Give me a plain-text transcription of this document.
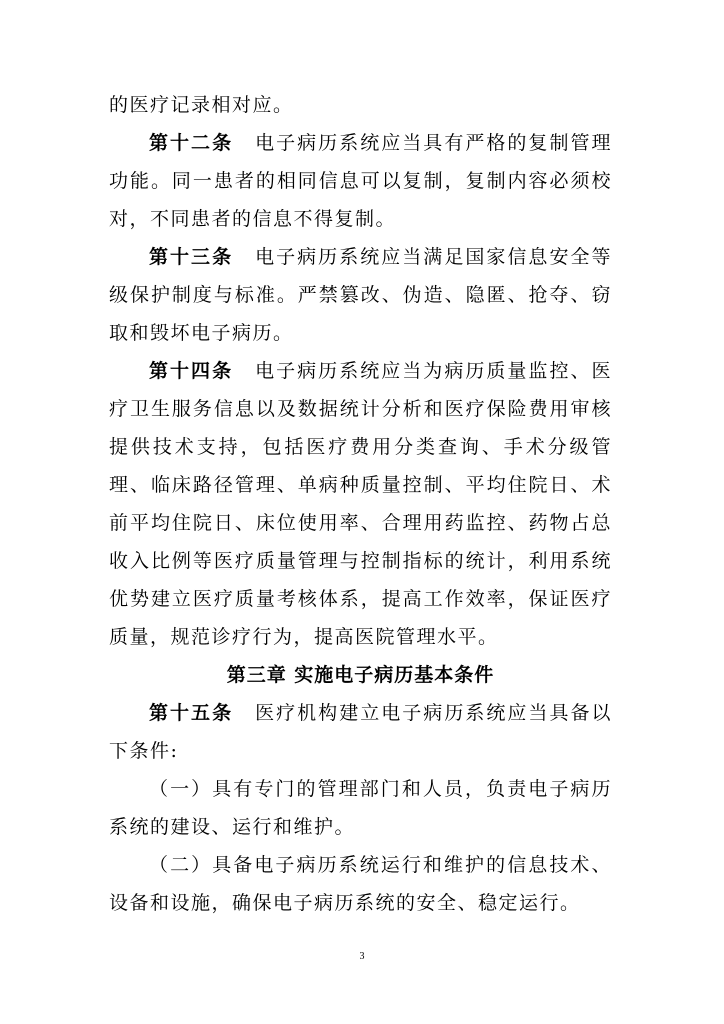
的医疗记录相对应。

第十二条 电子病历系统应当具有严格的复制管理功能。同一患者的相同信息可以复制，复制内容必须校对，不同患者的信息不得复制。

第十三条 电子病历系统应当满足国家信息安全等级保护制度与标准。严禁篡改、伪造、隐匿、抢夺、窃取和毁坏电子病历。

第十四条 电子病历系统应当为病历质量监控、医疗卫生服务信息以及数据统计分析和医疗保险费用审核提供技术支持，包括医疗费用分类查询、手术分级管理、临床路径管理、单病种质量控制、平均住院日、术前平均住院日、床位使用率、合理用药监控、药物占总收入比例等医疗质量管理与控制指标的统计，利用系统优势建立医疗质量考核体系，提高工作效率，保证医疗质量，规范诊疗行为，提高医院管理水平。

第三章 实施电子病历基本条件

第十五条 医疗机构建立电子病历系统应当具备以下条件:

（一）具有专门的管理部门和人员，负责电子病历系统的建设、运行和维护。

（二）具备电子病历系统运行和维护的信息技术、设备和设施，确保电子病历系统的安全、稳定运行。

3
